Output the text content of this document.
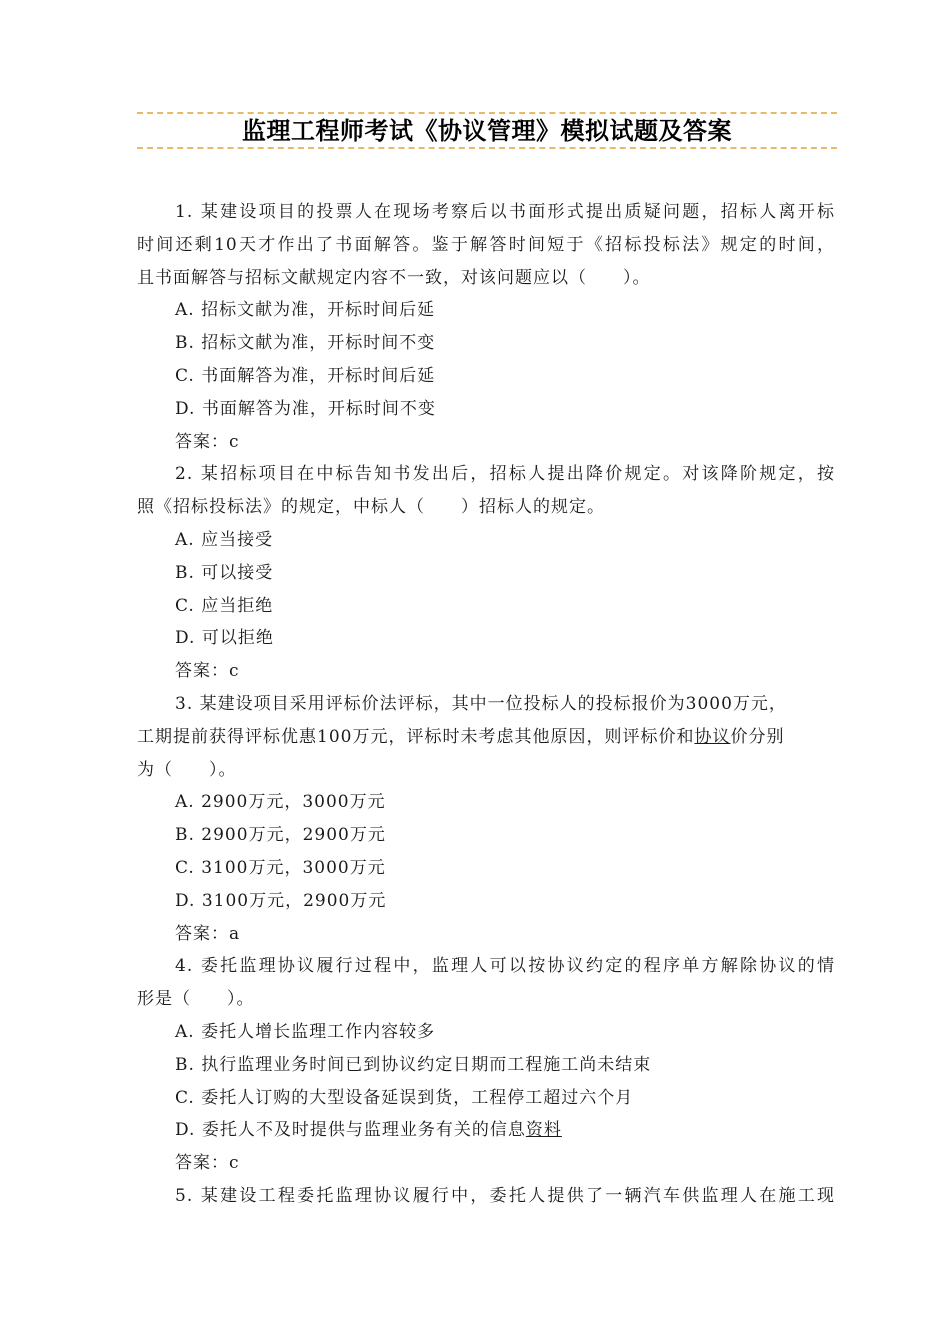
监理工程师考试《协议管理》模拟试题及答案
1. 某建设项目的投票人在现场考察后以书面形式提出质疑问题，招标人离开标
时间还剩10天才作出了书面解答。鉴于解答时间短于《招标投标法》规定的时间，
且书面解答与招标文献规定内容不一致，对该问题应以（　　）。
A. 招标文献为准，开标时间后延
B. 招标文献为准，开标时间不变
C. 书面解答为准，开标时间后延
D. 书面解答为准，开标时间不变
答案：c
2. 某招标项目在中标告知书发出后，招标人提出降价规定。对该降阶规定，按
照《招标投标法》的规定，中标人（　　）招标人的规定。
A. 应当接受
B. 可以接受
C. 应当拒绝
D. 可以拒绝
答案：c
3. 某建设项目采用评标价法评标，其中一位投标人的投标报价为3000万元，
工期提前获得评标优惠100万元，评标时未考虑其他原因，则评标价和协议价分别
为（　　）。
A. 2900万元，3000万元
B. 2900万元，2900万元
C. 3100万元，3000万元
D. 3100万元，2900万元
答案：a
4. 委托监理协议履行过程中，监理人可以按协议约定的程序单方解除协议的情
形是（　　）。
A. 委托人增长监理工作内容较多
B. 执行监理业务时间已到协议约定日期而工程施工尚未结束
C. 委托人订购的大型设备延误到货，工程停工超过六个月
D. 委托人不及时提供与监理业务有关的信息资料
答案：c
5. 某建设工程委托监理协议履行中，委托人提供了一辆汽车供监理人在施工现
